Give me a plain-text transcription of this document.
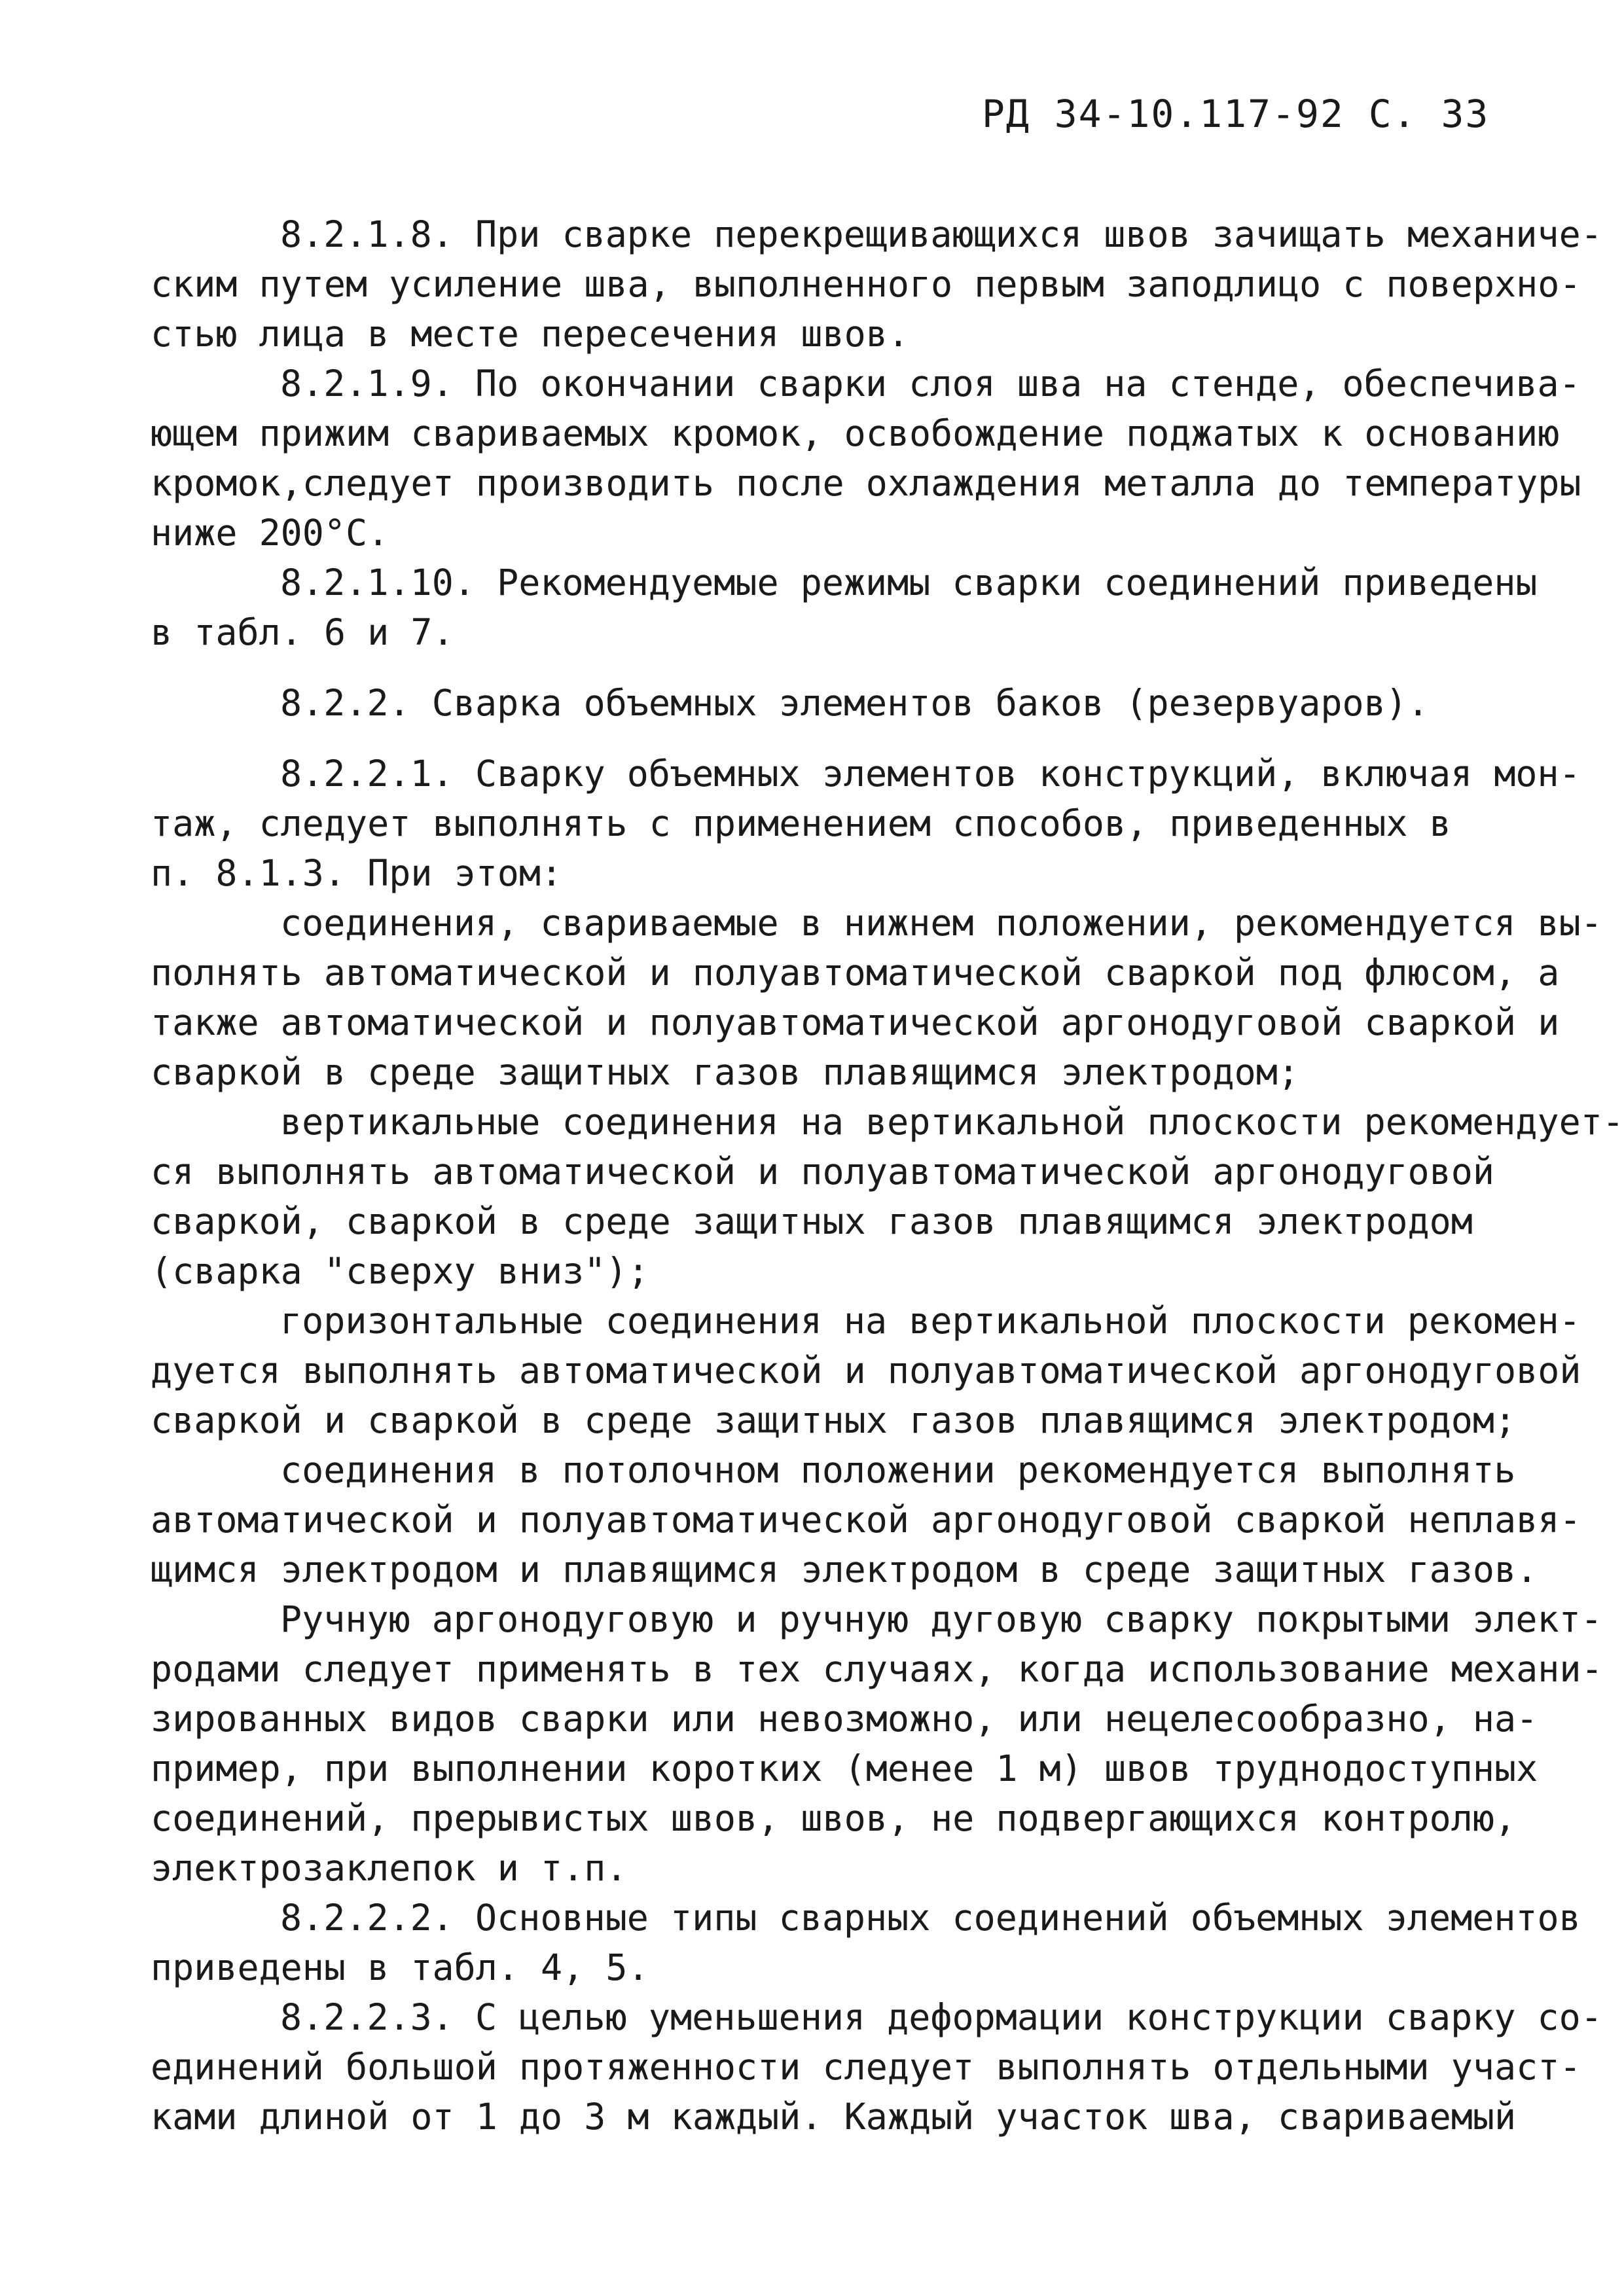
РД 34-10.117-92 С. 33
8.2.1.8. При сварке перекрещивающихся швов зачищать механиче-
ским путем усиление шва, выполненного первым заподлицо с поверхно-
стью лица в месте пересечения швов.
8.2.1.9. По окончании сварки слоя шва на стенде, обеспечива-
ющем прижим свариваемых кромок, освобождение поджатых к основанию
кромок,следует производить после охлаждения металла до температуры
ниже 200°С.
8.2.1.10. Рекомендуемые режимы сварки соединений приведены
в табл. 6 и 7.
8.2.2. Сварка объемных элементов баков (резервуаров).
8.2.2.1. Сварку объемных элементов конструкций, включая мон-
таж, следует выполнять с применением способов, приведенных в
п. 8.1.3. При этом:
соединения, свариваемые в нижнем положении, рекомендуется вы-
полнять автоматической и полуавтоматической сваркой под флюсом, а
также автоматической и полуавтоматической аргонодуговой сваркой и
сваркой в среде защитных газов плавящимся электродом;
вертикальные соединения на вертикальной плоскости рекомендует-
ся выполнять автоматической и полуавтоматической аргонодуговой
сваркой, сваркой в среде защитных газов плавящимся электродом
(сварка "сверху вниз");
горизонтальные соединения на вертикальной плоскости рекомен-
дуется выполнять автоматической и полуавтоматической аргонодуговой
сваркой и сваркой в среде защитных газов плавящимся электродом;
соединения в потолочном положении рекомендуется выполнять
автоматической и полуавтоматической аргонодуговой сваркой неплавя-
щимся электродом и плавящимся электродом в среде защитных газов.
Ручную аргонодуговую и ручную дуговую сварку покрытыми элект-
родами следует применять в тех случаях, когда использование механи-
зированных видов сварки или невозможно, или нецелесообразно, на-
пример, при выполнении коротких (менее 1 м) швов труднодоступных
соединений, прерывистых швов, швов, не подвергающихся контролю,
электрозаклепок и т.п.
8.2.2.2. Основные типы сварных соединений объемных элементов
приведены в табл. 4, 5.
8.2.2.3. С целью уменьшения деформации конструкции сварку со-
единений большой протяженности следует выполнять отдельными участ-
ками длиной от 1 до 3 м каждый. Каждый участок шва, свариваемый
